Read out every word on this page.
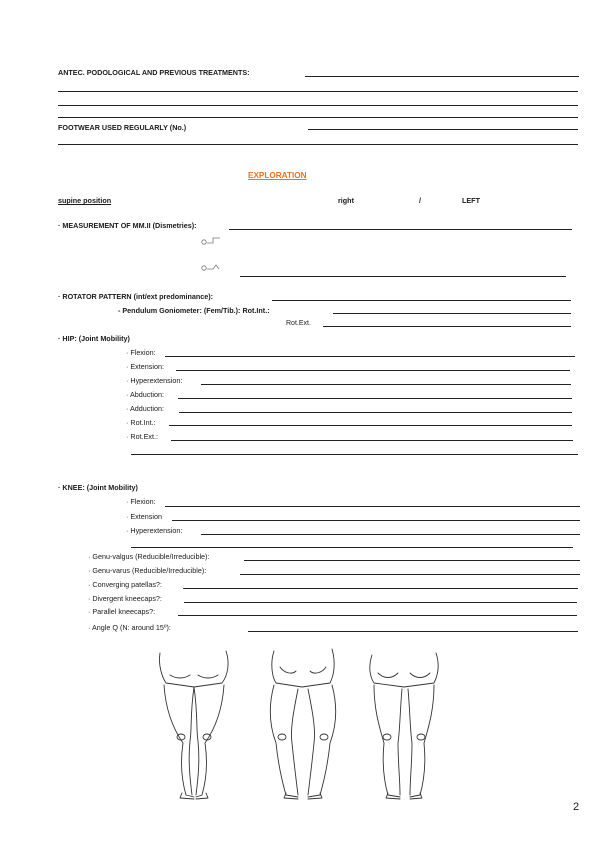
ANTEC. PODOLOGICAL AND PREVIOUS TREATMENTS:
FOOTWEAR USED REGULARLY (No.)
EXPLORATION
supine position	right	/	LEFT
· MEASUREMENT OF MM.II (Dismetries):
· ROTATOR PATTERN (int/ext predominance):
- Pendulum Goniometer: (Fem/Tib.): Rot.Int.:
Rot.Ext.
· HIP: (Joint Mobility)
· Flexion:
· Extension:
· Hyperextension:
· Abduction:
· Adduction:
· Rot.Int.:
· Rot.Ext.:
· KNEE: (Joint Mobility)
· Flexion:
· Extension
· Hyperextension:
· Genu-valgus (Reducible/Irreducible):
· Genu-varus (Reducible/Irreducible):
· Converging patellas?:
· Divergent kneecaps?:
· Parallel kneecaps?:
· Angle Q (N: around 15º):
2
